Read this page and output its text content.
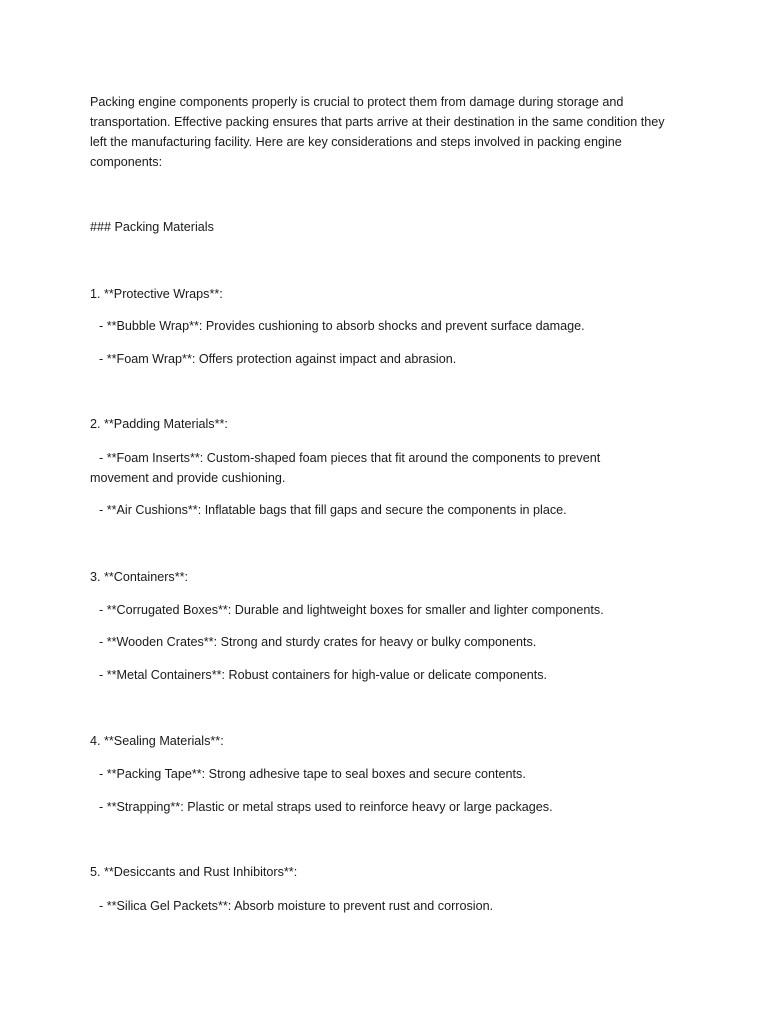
Packing engine components properly is crucial to protect them from damage during storage and
transportation. Effective packing ensures that parts arrive at their destination in the same condition they
left the manufacturing facility. Here are key considerations and steps involved in packing engine
components:
### Packing Materials
1. **Protective Wraps**:
- **Bubble Wrap**: Provides cushioning to absorb shocks and prevent surface damage.
- **Foam Wrap**: Offers protection against impact and abrasion.
2. **Padding Materials**:
- **Foam Inserts**: Custom-shaped foam pieces that fit around the components to prevent
movement and provide cushioning.
- **Air Cushions**: Inflatable bags that fill gaps and secure the components in place.
3. **Containers**:
- **Corrugated Boxes**: Durable and lightweight boxes for smaller and lighter components.
- **Wooden Crates**: Strong and sturdy crates for heavy or bulky components.
- **Metal Containers**: Robust containers for high-value or delicate components.
4. **Sealing Materials**:
- **Packing Tape**: Strong adhesive tape to seal boxes and secure contents.
- **Strapping**: Plastic or metal straps used to reinforce heavy or large packages.
5. **Desiccants and Rust Inhibitors**:
- **Silica Gel Packets**: Absorb moisture to prevent rust and corrosion.
